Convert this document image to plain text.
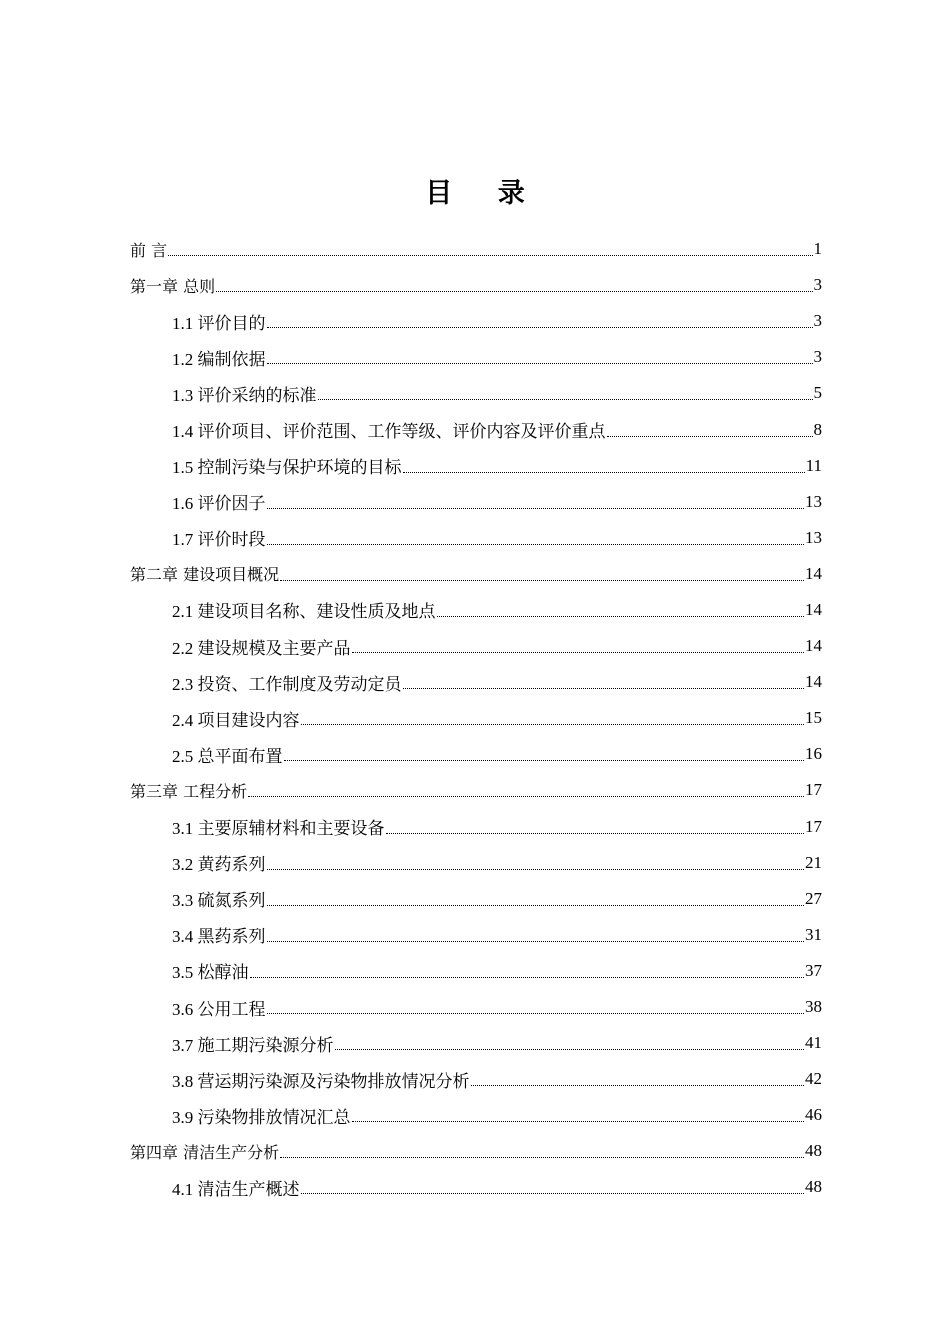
目 录
前 言	1
第一章 总则	3
1.1 评价目的	3
1.2 编制依据	3
1.3 评价采纳的标准	5
1.4 评价项目、评价范围、工作等级、评价内容及评价重点	8
1.5 控制污染与保护环境的目标	11
1.6 评价因子	13
1.7 评价时段	13
第二章 建设项目概况	14
2.1 建设项目名称、建设性质及地点	14
2.2 建设规模及主要产品	14
2.3 投资、工作制度及劳动定员	14
2.4 项目建设内容	15
2.5 总平面布置	16
第三章 工程分析	17
3.1 主要原辅材料和主要设备	17
3.2 黄药系列	21
3.3 硫氮系列	27
3.4 黑药系列	31
3.5 松醇油	37
3.6 公用工程	38
3.7 施工期污染源分析	41
3.8 营运期污染源及污染物排放情况分析	42
3.9 污染物排放情况汇总	46
第四章 清洁生产分析	48
4.1 清洁生产概述	48
